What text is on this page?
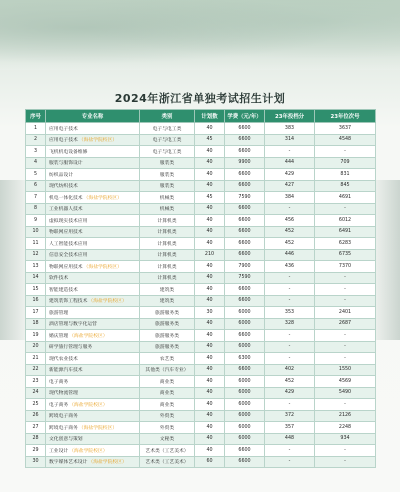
2024年浙江省单独考试招生计划
序号	专业名称	类别	计划数	学费（元/年）	23年投档分	23年位次号
1	应用电子技术	电子与电工类	40	6600	383	3637
2	应用电子技术（海盐学院校区）	电子与电工类	45	6600	314	4548
3	飞机机电设备维修	电子与电工类	40	6600	-	-
4	服装与服饰设计	服装类	40	9900	444	709
5	纺织品设计	服装类	40	6600	429	831
6	现代纺织技术	服装类	40	6600	427	845
7	机电一体化技术（海盐学院校区）	机械类	45	7590	384	4691
8	工业机器人技术	机械类	40	6600	-	-
9	虚拟现实技术应用	计算机类	40	6600	456	6012
10	物联网应用技术	计算机类	40	6600	452	6491
11	人工智能技术应用	计算机类	40	6600	452	6283
12	信息安全技术应用	计算机类	210	6600	446	6735
13	物联网应用技术（海盐学院校区）	计算机类	40	7900	436	7370
14	软件技术	计算机类	40	7590	-	-
15	智能建造技术	建筑类	40	6600	-	-
16	建筑装饰工程技术（海盐学院校区）	建筑类	40	6600	-	-
17	旅游管理	旅游服务类	30	6000	353	2401
18	酒店管理与数字化运营	旅游服务类	40	6000	328	2687
19	婚庆管理（海盐学院校区）	旅游服务类	40	6600	-	-
20	研学旅行管理与服务	旅游服务类	40	6000	-	-
21	现代农业技术	农艺类	40	6300	-	-
22	新能源汽车技术	其他类（汽车专业）	40	6600	402	1550
23	电子商务	商业类	40	6000	452	4569
24	现代物流管理	商业类	40	6000	429	5490
25	电子商务（海盐学院校区）	商业类	40	6000	-	-
26	跨境电子商务	外贸类	40	6000	372	2126
27	跨境电子商务（海盐学院校区）	外贸类	40	6000	357	2248
28	文化创意与策划	文秘类	40	6000	448	934
29	工业设计（海盐学院校区）	艺术类（工艺美术）	40	6600	-	-
30	数字媒体艺术设计（海盐学院校区）	艺术类（工艺美术）	60	6600	-	-
